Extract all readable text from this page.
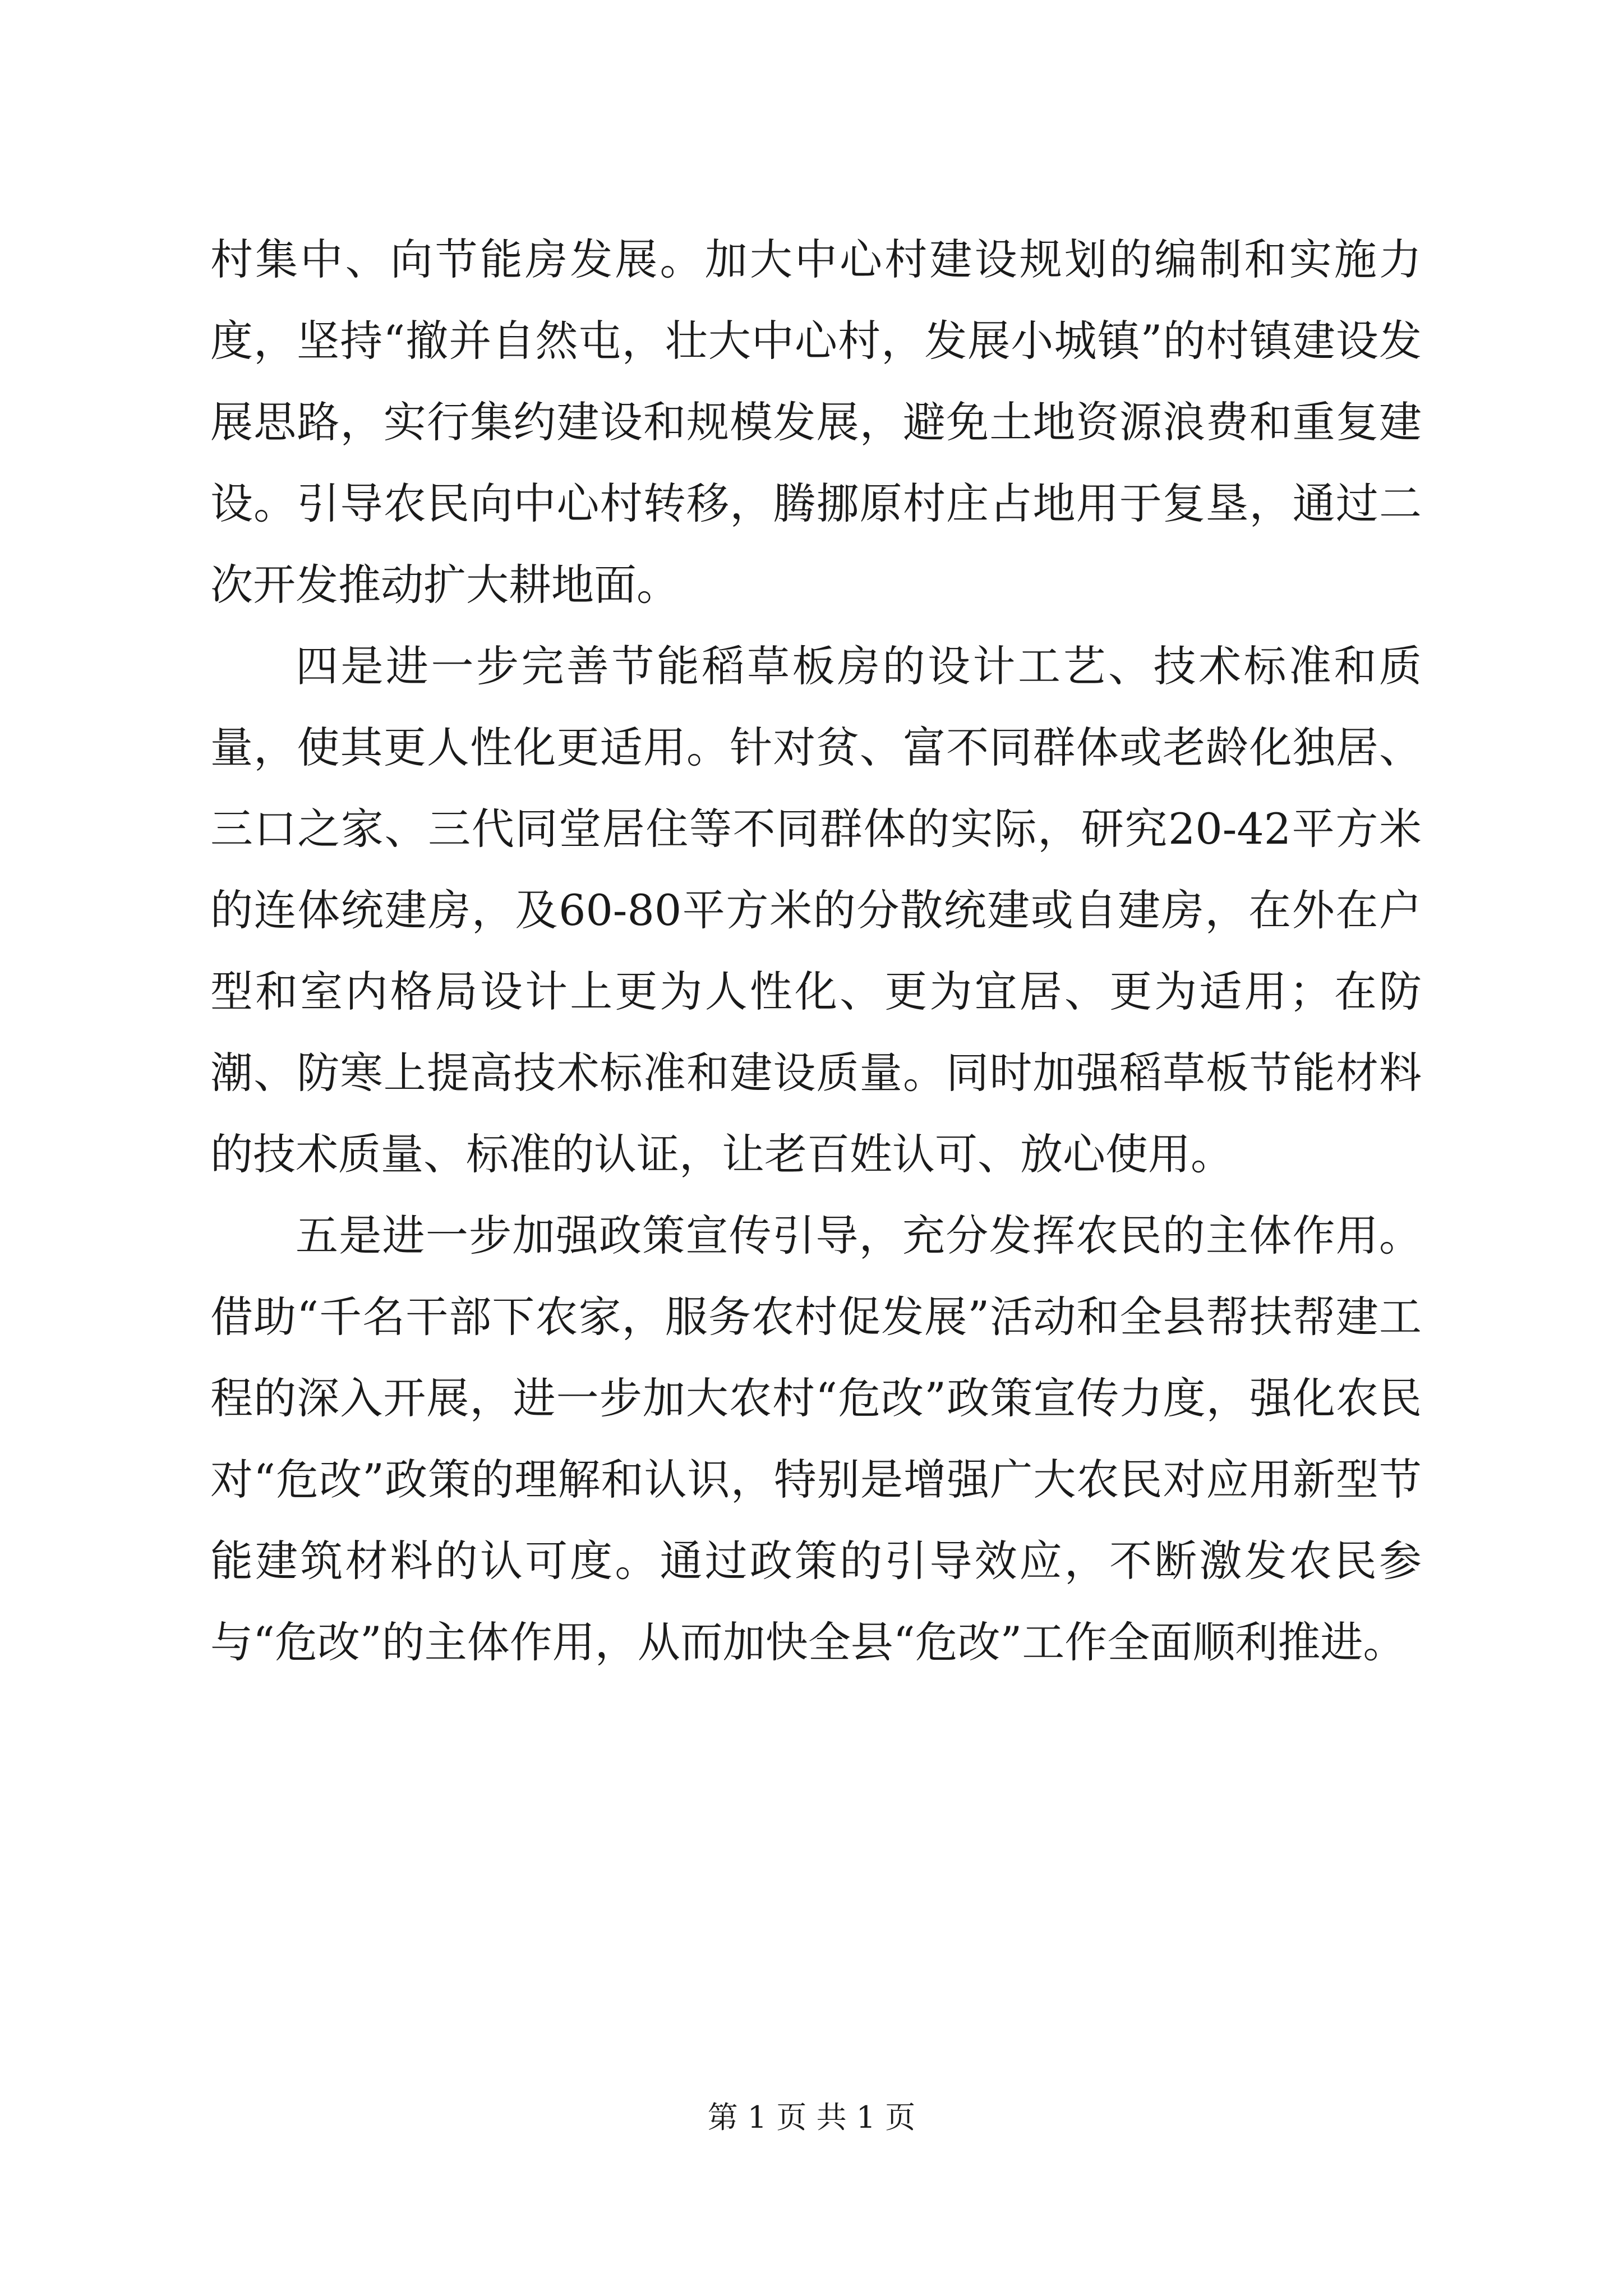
村集中、向节能房发展。加大中心村建设规划的编制和实施力度，坚持“撤并自然屯，壮大中心村，发展小城镇”的村镇建设发展思路，实行集约建设和规模发展，避免土地资源浪费和重复建设。引导农民向中心村转移，腾挪原村庄占地用于复垦，通过二次开发推动扩大耕地面。

四是进一步完善节能稻草板房的设计工艺、技术标准和质量，使其更人性化更适用。针对贫、富不同群体或老龄化独居、三口之家、三代同堂居住等不同群体的实际，研究20-42平方米的连体统建房，及60-80平方米的分散统建或自建房，在外在户型和室内格局设计上更为人性化、更为宜居、更为适用；在防潮、防寒上提高技术标准和建设质量。同时加强稻草板节能材料的技术质量、标准的认证，让老百姓认可、放心使用。

五是进一步加强政策宣传引导，充分发挥农民的主体作用。借助“千名干部下农家，服务农村促发展”活动和全县帮扶帮建工程的深入开展，进一步加大农村“危改”政策宣传力度，强化农民对“危改”政策的理解和认识，特别是增强广大农民对应用新型节能建筑材料的认可度。通过政策的引导效应，不断激发农民参与“危改”的主体作用，从而加快全县“危改”工作全面顺利推进。

第 1 页 共 1 页
